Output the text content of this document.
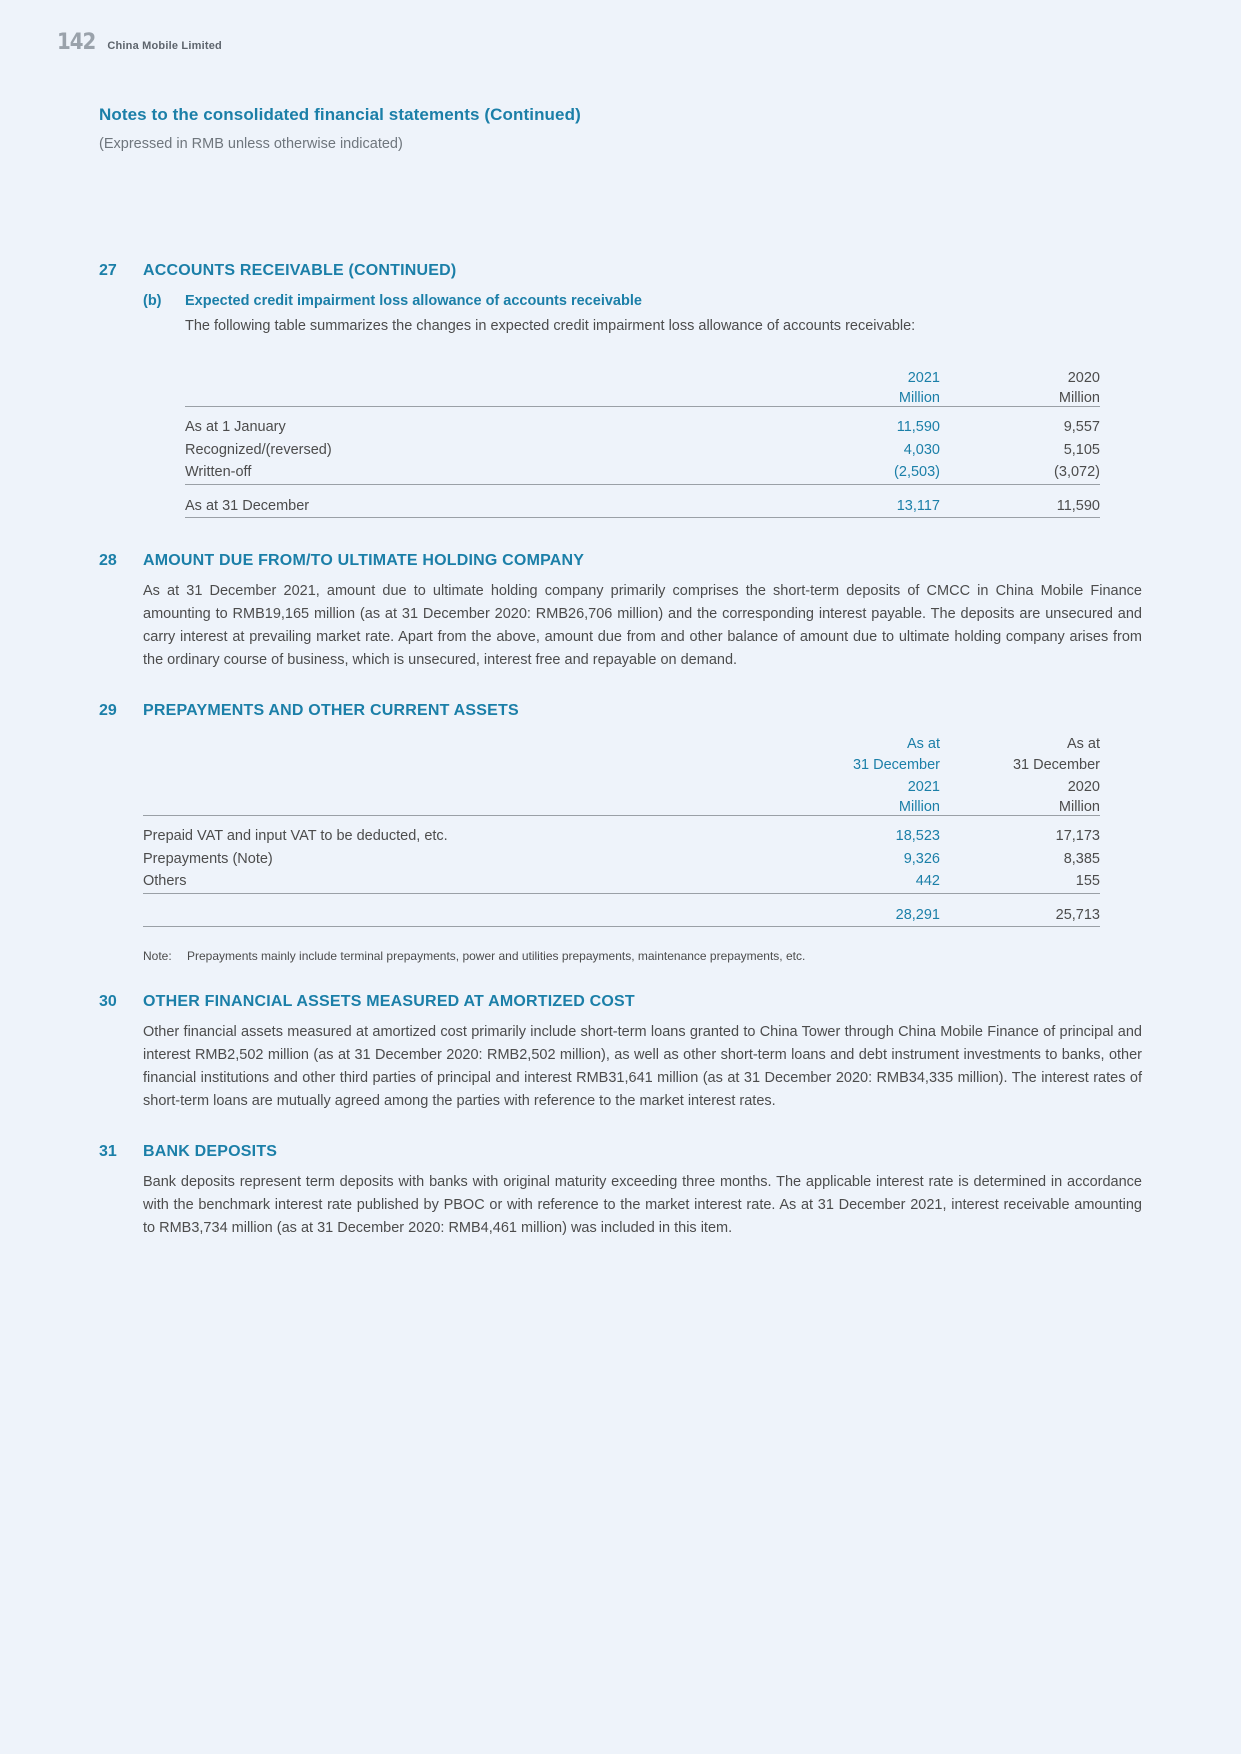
142 China Mobile Limited
Notes to the consolidated financial statements (Continued)
(Expressed in RMB unless otherwise indicated)
27	ACCOUNTS RECEIVABLE (CONTINUED)
(b)	Expected credit impairment loss allowance of accounts receivable

The following table summarizes the changes in expected credit impairment loss allowance of accounts receivable:

	2021	2020
	Million	Million

As at 1 January	11,590	9,557
Recognized/(reversed)	4,030	5,105
Written-off	(2,503)	(3,072)

As at 31 December	13,117	11,590
28	AMOUNT DUE FROM/TO ULTIMATE HOLDING COMPANY

As at 31 December 2021, amount due to ultimate holding company primarily comprises the short-term deposits of CMCC in China Mobile Finance amounting to RMB19,165 million (as at 31 December 2020: RMB26,706 million) and the corresponding interest payable. The deposits are unsecured and carry interest at prevailing market rate. Apart from the above, amount due from and other balance of amount due to ultimate holding company arises from the ordinary course of business, which is unsecured, interest free and repayable on demand.

29	PREPAYMENTS AND OTHER CURRENT ASSETS
	As at	As at
	31 December	31 December
	2021	2020
	Million	Million

Prepaid VAT and input VAT to be deducted, etc.	18,523	17,173
Prepayments (Note)	9,326	8,385
Others	442	155

	28,291	25,713
Note:	Prepayments mainly include terminal prepayments, power and utilities prepayments, maintenance prepayments, etc.
30	OTHER FINANCIAL ASSETS MEASURED AT AMORTIZED COST

Other financial assets measured at amortized cost primarily include short-term loans granted to China Tower through China Mobile Finance of principal and interest RMB2,502 million (as at 31 December 2020: RMB2,502 million), as well as other short-term loans and debt instrument investments to banks, other financial institutions and other third parties of principal and interest RMB31,641 million (as at 31 December 2020: RMB34,335 million). The interest rates of short-term loans are mutually agreed among the parties with reference to the market interest rates.

31	BANK DEPOSITS

Bank deposits represent term deposits with banks with original maturity exceeding three months. The applicable interest rate is determined in accordance with the benchmark interest rate published by PBOC or with reference to the market interest rate. As at 31 December 2021, interest receivable amounting to RMB3,734 million (as at 31 December 2020: RMB4,461 million) was included in this item.
